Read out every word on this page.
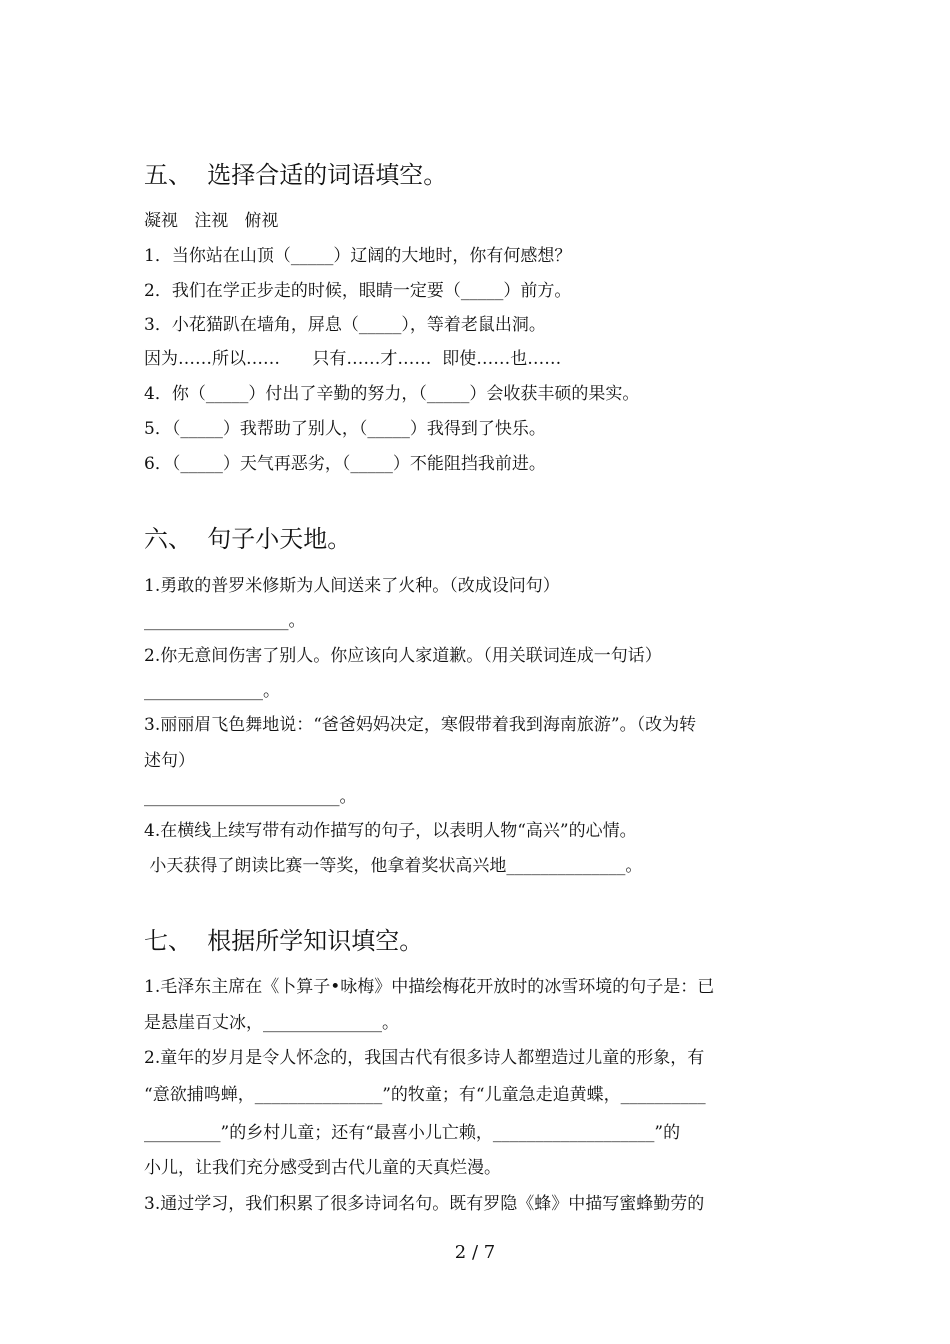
五、  选择合适的词语填空。
凝视   注视   俯视
1．当你站在山顶（_____）辽阔的大地时，你有何感想？
2．我们在学正步走的时候，眼睛一定要（_____）前方。
3．小花猫趴在墙角，屏息（_____），等着老鼠出洞。
因为……所以……      只有……才……  即使……也……
4．你（_____）付出了辛勤的努力，（_____）会收获丰硕的果实。
5．（_____）我帮助了别人，（_____）我得到了快乐。
6．（_____）天气再恶劣，（_____）不能阻挡我前进。
六、  句子小天地。
1.勇敢的普罗米修斯为人间送来了火种。（改成设问句）
_________________。
2.你无意间伤害了别人。你应该向人家道歉。（用关联词连成一句话）
______________。
3.丽丽眉飞色舞地说：“爸爸妈妈决定，寒假带着我到海南旅游”。（改为转
述句）
_______________________。
4.在横线上续写带有动作描写的句子，以表明人物“高兴”的心情。
小天获得了朗读比赛一等奖，他拿着奖状高兴地______________。
七、  根据所学知识填空。
1.毛泽东主席在《卜算子•咏梅》中描绘梅花开放时的冰雪环境的句子是：已
是悬崖百丈冰，______________。
2.童年的岁月是令人怀念的，我国古代有很多诗人都塑造过儿童的形象，有
“意欲捕鸣蝉，_______________”的牧童；有“儿童急走追黄蝶，__________
_________”的乡村儿童；还有“最喜小儿亡赖，___________________”的
小儿，让我们充分感受到古代儿童的天真烂漫。
3.通过学习，我们积累了很多诗词名句。既有罗隐《蜂》中描写蜜蜂勤劳的
2 / 7
